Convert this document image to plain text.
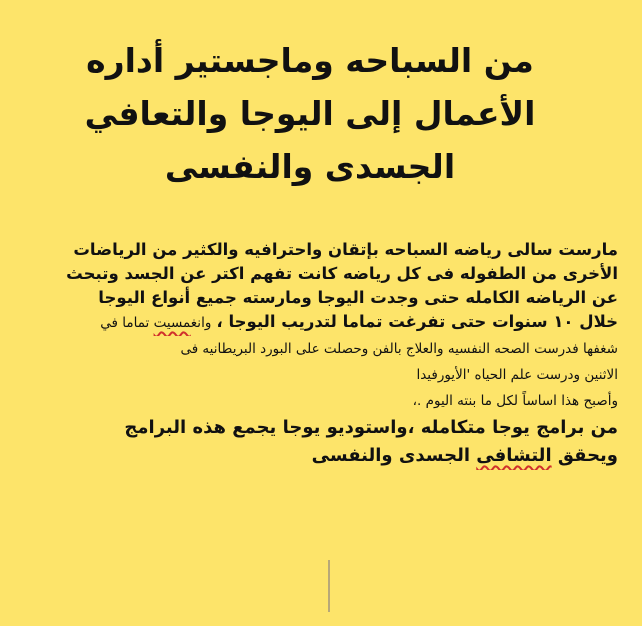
من السباحه وماجستير أداره
الأعمال إلى اليوجا والتعافي
الجسدى والنفسى
مارست سالى رياضه السباحه بإتقان واحترافيه والكثير من الرياضات
الأخرى من الطفوله فى كل رياضه كانت تفهم اكتر عن الجسد وتبحث
عن الرياضه الكامله حتى وجدت اليوجا ومارسته جميع أنواع اليوجا
خلال ١٠ سنوات حتى تفرغت تماما لتدريب اليوجا ، وانغمسيت تماما في
شغفها فدرست الصحه النفسيه والعلاج بالفن وحصلت على البورد البريطانيه فى
الاثنين ودرست علم الحياه 'الأيورفيدا
وأصبح هذا اساساً لكل ما بنته اليوم .،
من برامج يوجا متكامله ،واستوديو يوجا يجمع هذه البرامج
ويحقق التشافى الجسدى والنفسى
